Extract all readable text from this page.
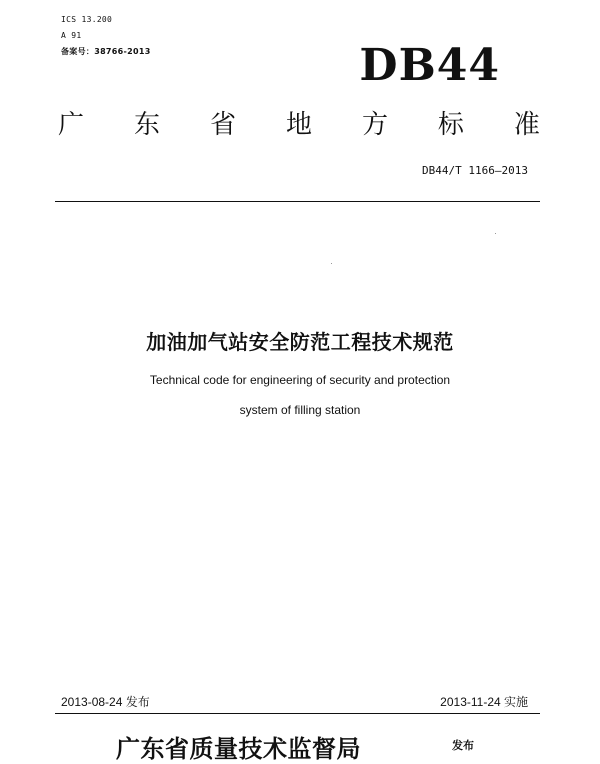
ICS 13.200
A 91
备案号：38766-2013	DB44
广 东 省 地 方 标 准
DB44/T 1166—2013
加油加气站安全防范工程技术规范
Technical code for engineering of security and protection
system of filling station
2013-08-24 发布	2013-11-24 实施
广东省质量技术监督局	发布
